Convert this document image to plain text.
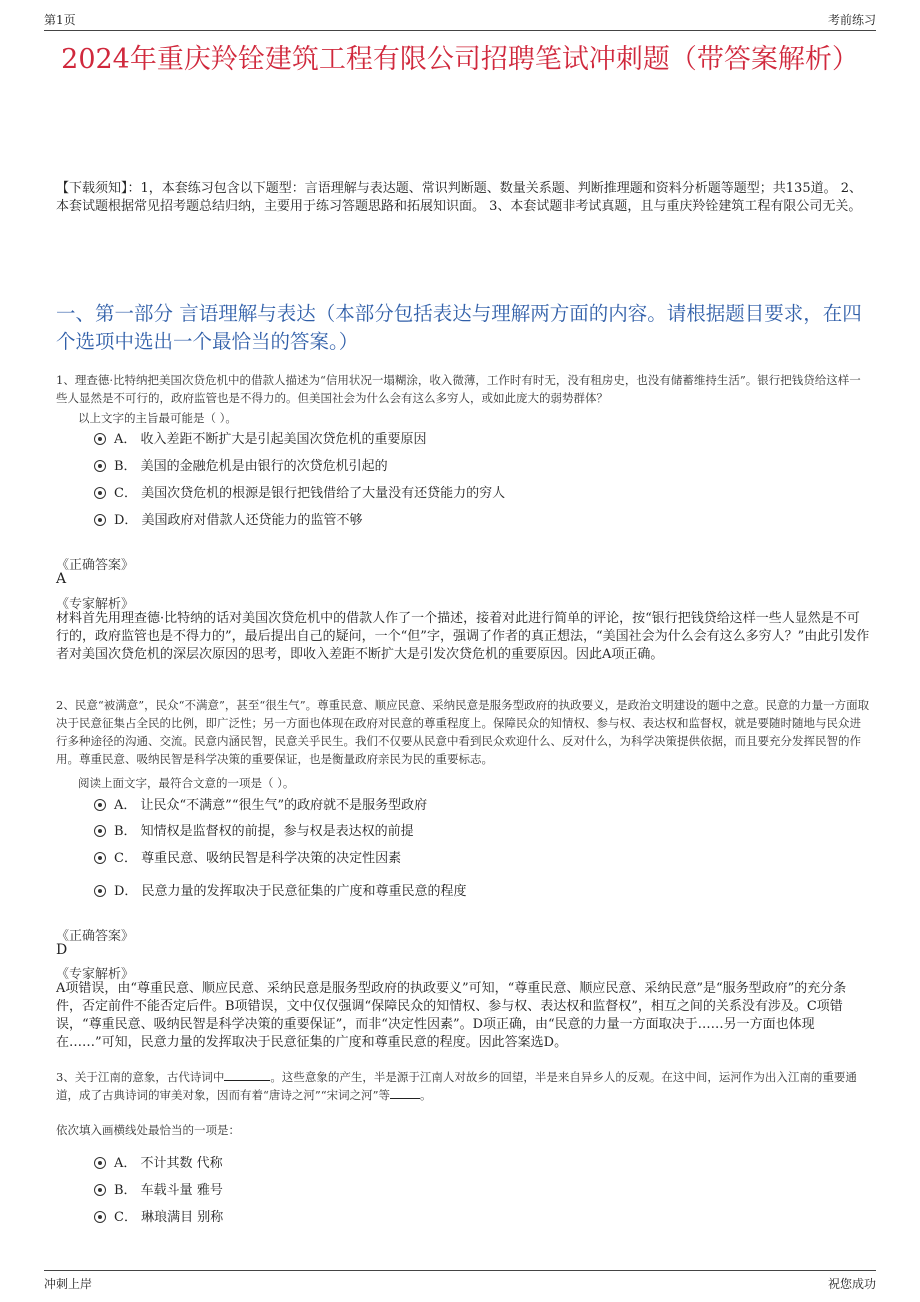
第1页	考前练习
2024年重庆羚铨建筑工程有限公司招聘笔试冲刺题（带答案解析）
【下载须知】：1，本套练习包含以下题型：言语理解与表达题、常识判断题、数量关系题、判断推理题和资料分析题等题型；共135道。 2、本套试题根据常见招考题总结归纳，主要用于练习答题思路和拓展知识面。 3、本套试题非考试真题，且与重庆羚铨建筑工程有限公司无关。
一、第一部分 言语理解与表达（本部分包括表达与理解两方面的内容。请根据题目要求，在四个选项中选出一个最恰当的答案。）
1、理查德·比特纳把美国次贷危机中的借款人描述为“信用状况一塌糊涂，收入微薄，工作时有时无，没有租房史，也没有储蓄维持生活”。银行把钱贷给这样一些人显然是不可行的，政府监管也是不得力的。但美国社会为什么会有这么多穷人，或如此庞大的弱势群体？
以上文字的主旨最可能是（ ）。
A． 收入差距不断扩大是引起美国次贷危机的重要原因
B． 美国的金融危机是由银行的次贷危机引起的
C． 美国次贷危机的根源是银行把钱借给了大量没有还贷能力的穷人
D． 美国政府对借款人还贷能力的监管不够
《正确答案》
A
《专家解析》
材料首先用理查德·比特纳的话对美国次贷危机中的借款人作了一个描述，接着对此进行简单的评论，按“银行把钱贷给这样一些人显然是不可行的，政府监管也是不得力的”，最后提出自己的疑问，一个“但”字，强调了作者的真正想法，“美国社会为什么会有这么多穷人？”由此引发作者对美国次贷危机的深层次原因的思考，即收入差距不断扩大是引发次贷危机的重要原因。因此A项正确。
2、民意“被满意”，民众“不满意”，甚至“很生气”。尊重民意、顺应民意、采纳民意是服务型政府的执政要义，是政治文明建设的题中之意。民意的力量一方面取决于民意征集占全民的比例，即广泛性；另一方面也体现在政府对民意的尊重程度上。保障民众的知情权、参与权、表达权和监督权，就是要随时随地与民众进行多种途径的沟通、交流。民意内涵民智，民意关乎民生。我们不仅要从民意中看到民众欢迎什么、反对什么，为科学决策提供依据，而且要充分发挥民智的作用。尊重民意、吸纳民智是科学决策的重要保证，也是衡量政府亲民为民的重要标志。
阅读上面文字，最符合文意的一项是（ ）。
A． 让民众“不满意”“很生气”的政府就不是服务型政府
B． 知情权是监督权的前提，参与权是表达权的前提
C． 尊重民意、吸纳民智是科学决策的决定性因素
D． 民意力量的发挥取决于民意征集的广度和尊重民意的程度
《正确答案》
D
《专家解析》
A项错误，由“尊重民意、顺应民意、采纳民意是服务型政府的执政要义”可知，“尊重民意、顺应民意、采纳民意”是“服务型政府”的充分条件，否定前件不能否定后件。B项错误，文中仅仅强调“保障民众的知情权、参与权、表达权和监督权”，相互之间的关系没有涉及。C项错误，“尊重民意、吸纳民智是科学决策的重要保证”，而非“决定性因素”。D项正确，由“民意的力量一方面取决于……另一方面也体现在……”可知，民意力量的发挥取决于民意征集的广度和尊重民意的程度。因此答案选D。
3、关于江南的意象，古代诗词中	。这些意象的产生，半是源于江南人对故乡的回望，半是来自异乡人的反观。在这中间，运河作为出入江南的重要通道，成了古典诗词的审美对象，因而有着“唐诗之河”“宋词之河”等	。
依次填入画横线处最恰当的一项是：
A． 不计其数 代称
B． 车载斗量 雅号
C． 琳琅满目 别称
冲刺上岸	祝您成功
